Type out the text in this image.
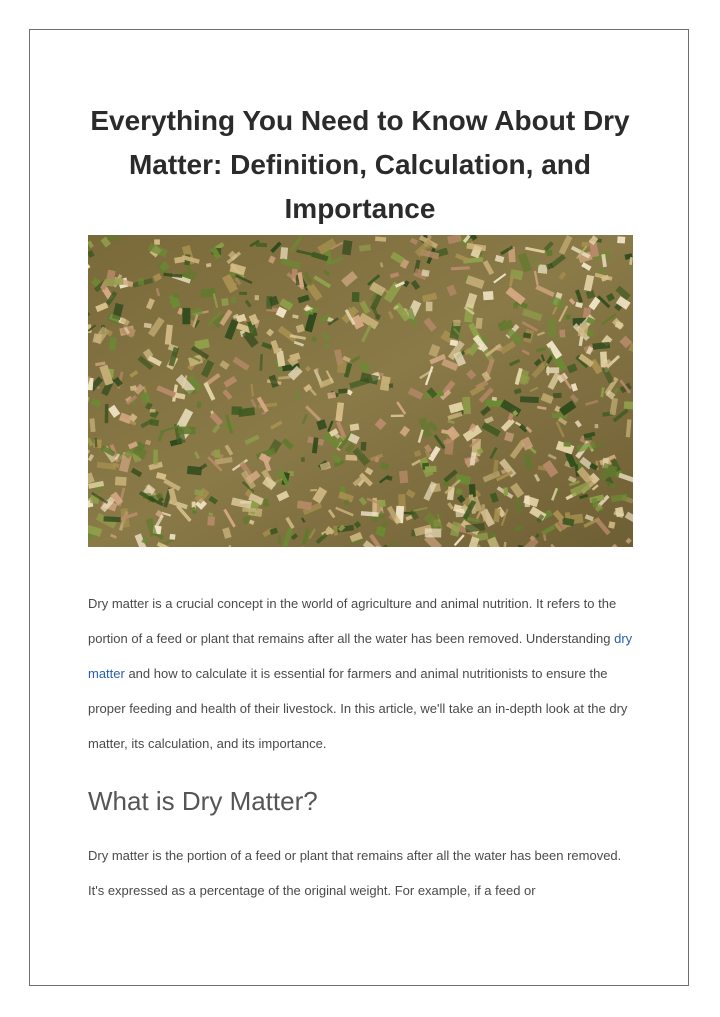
Everything You Need to Know About Dry Matter: Definition, Calculation, and Importance

Dry matter is a crucial concept in the world of agriculture and animal nutrition. It refers to the portion of a feed or plant that remains after all the water has been removed. Understanding dry matter and how to calculate it is essential for farmers and animal nutritionists to ensure the proper feeding and health of their livestock. In this article, we'll take an in-depth look at the dry matter, its calculation, and its importance.

What is Dry Matter?

Dry matter is the portion of a feed or plant that remains after all the water has been removed. It's expressed as a percentage of the original weight. For example, if a feed or
